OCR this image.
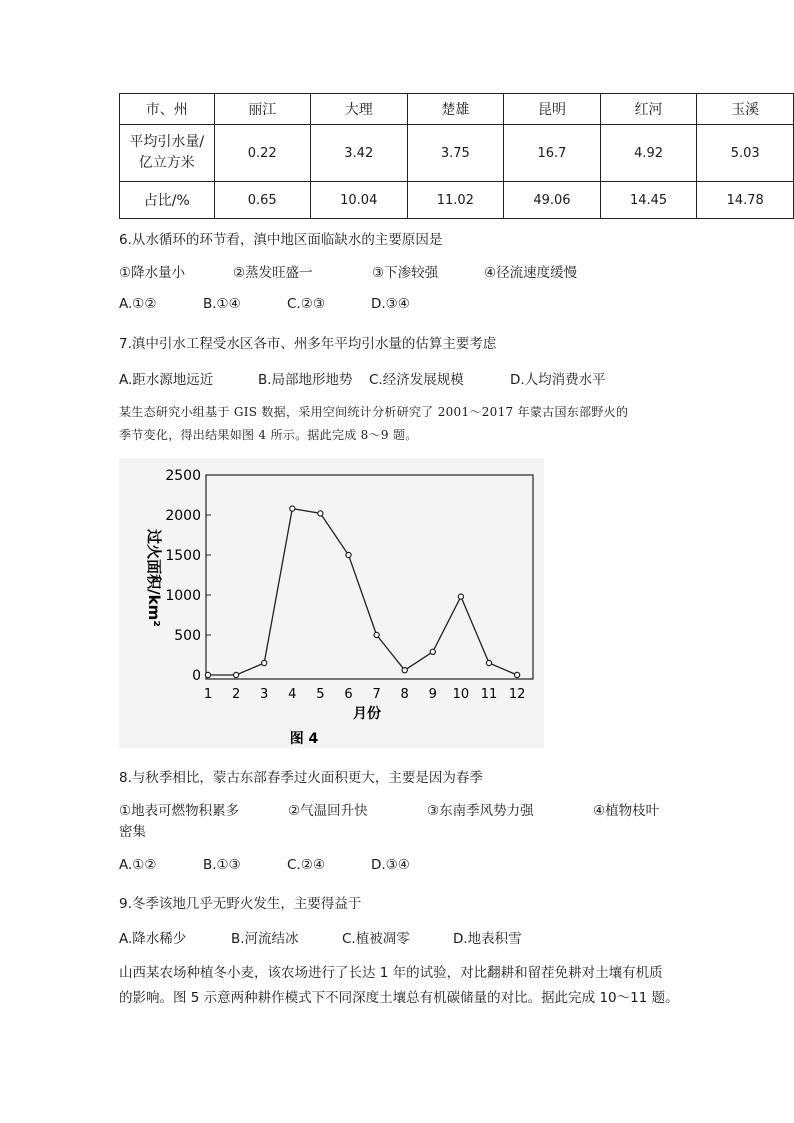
市、州	丽江	大理	楚雄	昆明	红河	玉溪
平均引水量/
亿立方米	0.22	3.42	3.75	16.7	4.92	5.03
占比/%	0.65	10.04	11.02	49.06	14.45	14.78
6.从水循环的环节看，滇中地区面临缺水的主要原因是
①降水量小	②蒸发旺盛一	③下渗较强	④径流速度缓慢
A.①②	B.①④	C.②③	D.③④
7.滇中引水工程受水区各市、州多年平均引水量的估算主要考虑
A.距水源地远近	B.局部地形地势 C.经济发展规模	D.人均消费水平
某生态研究小组基于 GIS 数据，采用空间统计分析研究了 2001～2017 年蒙古国东部野火的
季节变化，得出结果如图 4 所示。据此完成 8～9 题。
0
500
1000
1500
2000
2500
1 2 3 4 5 6 7 8 9 10 11 12
过火面积/km²
月份
图 4
8.与秋季相比，蒙古东部春季过火面积更大，主要是因为春季
①地表可燃物积累多	②气温回升快	③东南季风势力强	④植物枝叶
密集
A.①②	B.①③	C.②④	D.③④
9.冬季该地几乎无野火发生，主要得益于
A.降水稀少	B.河流结冰	C.植被凋零	D.地表积雪
山西某农场种植冬小麦，该农场进行了长达 1 年的试验，对比翻耕和留茬免耕对土壤有机质
的影响。图 5 示意两种耕作模式下不同深度土壤总有机碳储量的对比。据此完成 10～11 题。
